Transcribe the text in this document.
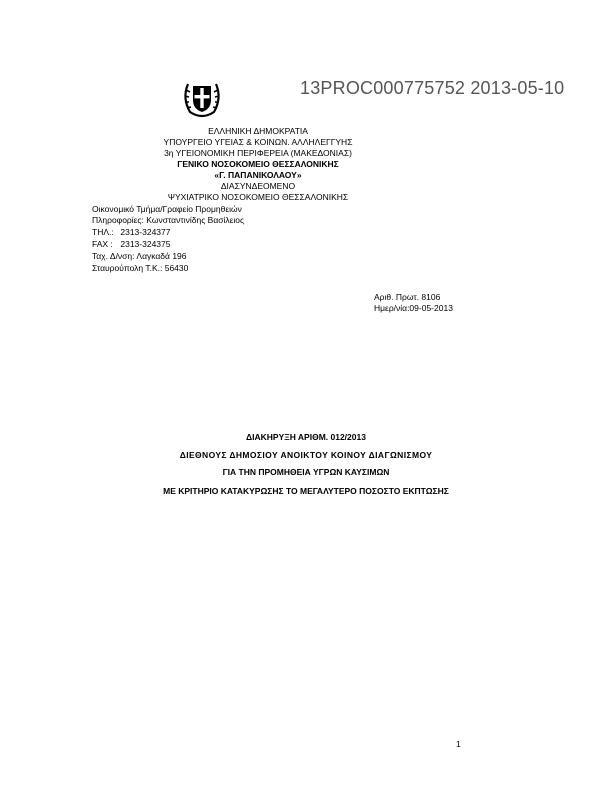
13PROC000775752 2013-05-10
ΕΛΛΗΝΙΚΗ ΔΗΜΟΚΡΑΤΙΑ
ΥΠΟΥΡΓΕΙΟ ΥΓΕΙΑΣ & ΚΟΙΝΩΝ. ΑΛΛΗΛΕΓΓΥΗΣ
3η ΥΓΕΙΟΝΟΜΙΚΗ ΠΕΡΙΦΕΡΕΙΑ (ΜΑΚΕΔΟΝΙΑΣ)
ΓΕΝΙΚΟ ΝΟΣΟΚΟΜΕΙΟ ΘΕΣΣΑΛΟΝΙΚΗΣ
«Γ. ΠΑΠΑΝΙΚΟΛΑΟΥ»
ΔΙΑΣΥΝΔΕΟΜΕΝΟ
ΨΥΧΙΑΤΡΙΚΟ ΝΟΣΟΚΟΜΕΙΟ ΘΕΣΣΑΛΟΝΙΚΗΣ
Οικονομικό Τμήμα/Γραφείο Προμηθειών
Πληροφορίες: Κωνσταντινίδης Βασίλειος
ΤΗΛ.: 2313-324377
FAX : 2313-324375
Ταχ. Δ/νση: Λαγκαδά 196
Σταυρούπολη Τ.Κ.: 56430
Αριθ. Πρωτ. 8106
Ημερ/νία:09-05-2013
ΔΙΑΚΗΡΥΞΗ ΑΡΙΘΜ. 012/2013
ΔΙΕΘΝΟΥΣ ΔΗΜΟΣΙΟΥ ΑΝΟΙΚΤΟΥ ΚΟΙΝΟΥ ΔΙΑΓΩΝΙΣΜΟΥ
ΓΙΑ ΤΗΝ ΠΡΟΜΗΘΕΙΑ ΥΓΡΩΝ ΚΑΥΣΙΜΩΝ
ΜΕ ΚΡΙΤΗΡΙΟ ΚΑΤΑΚΥΡΩΣΗΣ ΤΟ ΜΕΓΑΛΥΤΕΡΟ ΠΟΣΟΣΤΟ ΕΚΠΤΩΣΗΣ
1
